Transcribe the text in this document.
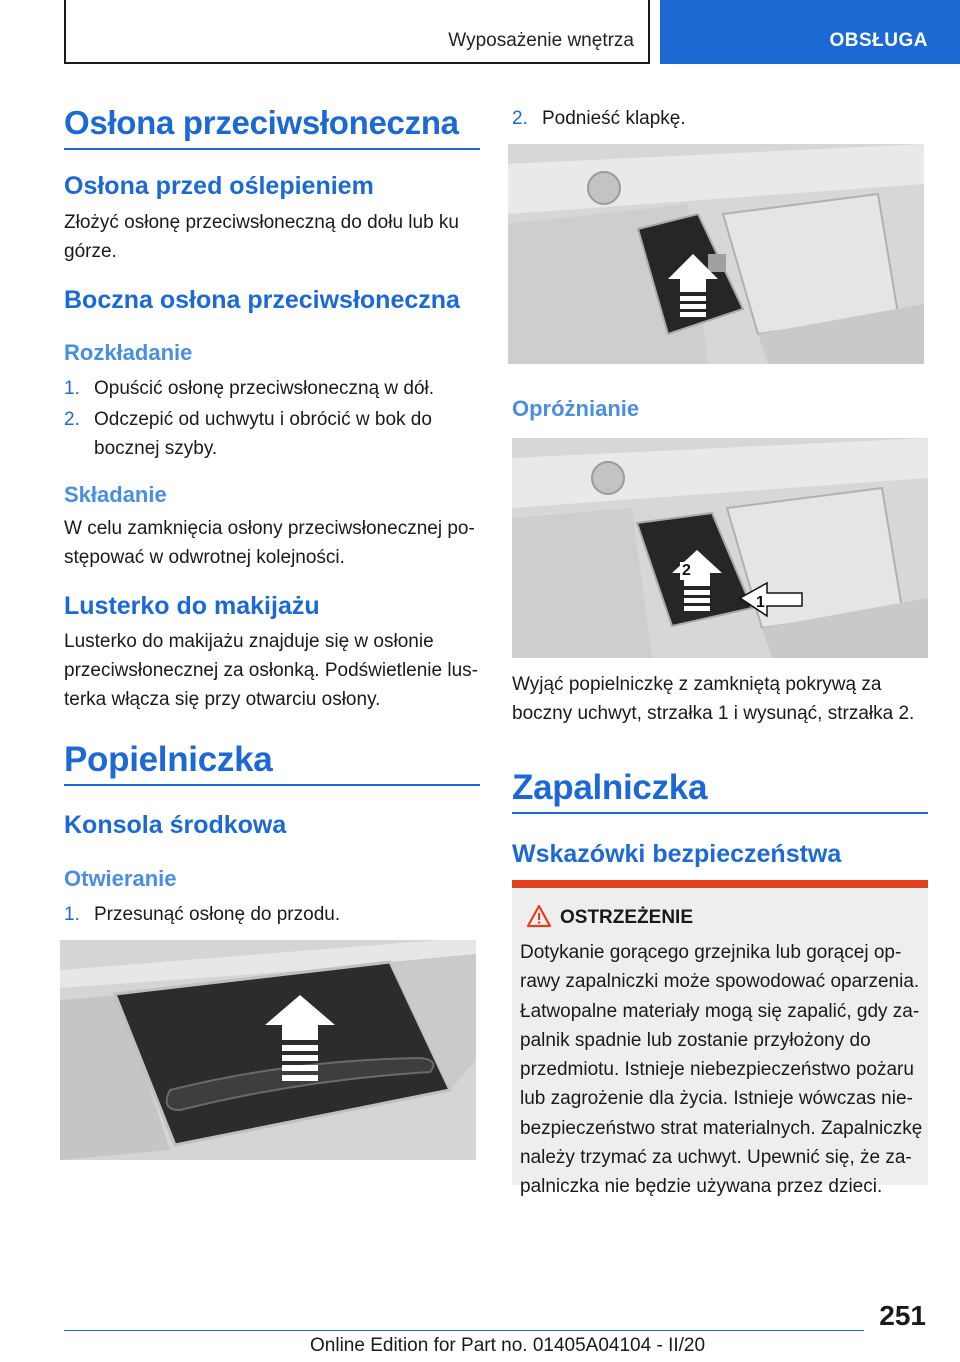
Wyposażenie wnętrza	OBSŁUGA
Osłona przeciwsłoneczna
Osłona przed oślepieniem

Złożyć osłonę przeciwsłoneczną do dołu lub ku

górze.

Boczna osłona przeciwsłoneczna
Rozkładanie
1. Opuścić osłonę przeciwsłoneczną w dół.
2. Odczepić od uchwytu i obrócić w bok do
bocznej szyby.
Składanie

W celu zamknięcia osłony przeciwsłonecznej po-

stępować w odwrotnej kolejności.

Lusterko do makijażu

Lusterko do makijażu znajduje się w osłonie

przeciwsłonecznej za osłonką. Podświetlenie lus-

terka włącza się przy otwarciu osłony.

Popielniczka
Konsola środkowa
Otwieranie
1. Przesunąć osłonę do przodu.
2. Podnieść klapkę.
Opróżnianie
2
1

Wyjąć popielniczkę z zamkniętą pokrywą za

boczny uchwyt, strzałka 1 i wysunąć, strzałka 2.

Zapalniczka
Wskazówki bezpieczeństwa
OSTRZEŻENIE
Dotykanie gorącego grzejnika lub gorącej op-
rawy zapalniczki może spowodować oparzenia.
Łatwopalne materiały mogą się zapalić, gdy za-
palnik spadnie lub zostanie przyłożony do
przedmiotu. Istnieje niebezpieczeństwo pożaru
lub zagrożenie dla życia. Istnieje wówczas nie-
bezpieczeństwo strat materialnych. Zapalniczkę
należy trzymać za uchwyt. Upewnić się, że za-
palniczka nie będzie używana przez dzieci.
251
Online Edition for Part no. 01405A04104 - II/20
